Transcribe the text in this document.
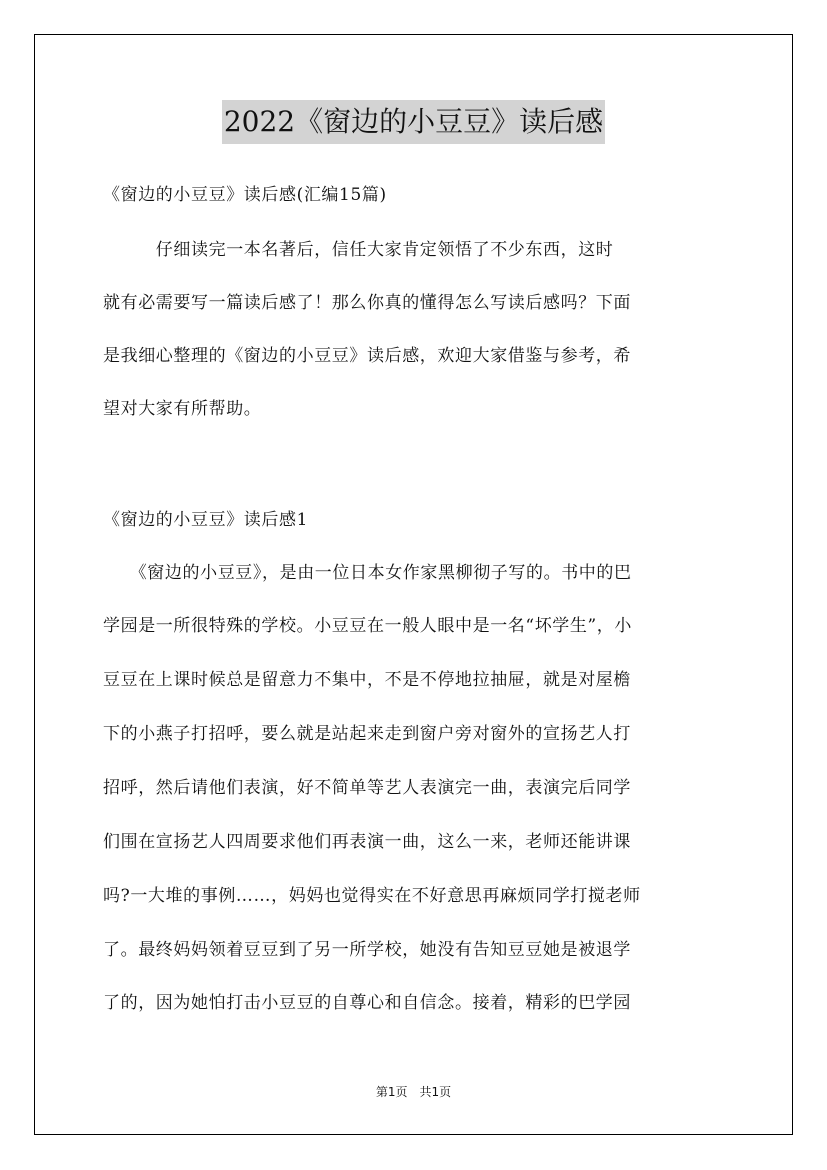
2022《窗边的小豆豆》读后感
《窗边的小豆豆》读后感(汇编15篇)
　　　仔细读完一本名著后，信任大家肯定领悟了不少东西，这时
就有必需要写一篇读后感了！那么你真的懂得怎么写读后感吗？下面
是我细心整理的《窗边的小豆豆》读后感，欢迎大家借鉴与参考，希
望对大家有所帮助。
《窗边的小豆豆》读后感1
　　《窗边的小豆豆》，是由一位日本女作家黑柳彻子写的。书中的巴
学园是一所很特殊的学校。小豆豆在一般人眼中是一名“坏学生”，小
豆豆在上课时候总是留意力不集中，不是不停地拉抽屉，就是对屋檐
下的小燕子打招呼，要么就是站起来走到窗户旁对窗外的宣扬艺人打
招呼，然后请他们表演，好不简单等艺人表演完一曲，表演完后同学
们围在宣扬艺人四周要求他们再表演一曲，这么一来，老师还能讲课
吗?一大堆的事例……，妈妈也觉得实在不好意思再麻烦同学打搅老师
了。最终妈妈领着豆豆到了另一所学校，她没有告知豆豆她是被退学
了的，因为她怕打击小豆豆的自尊心和自信念。接着，精彩的巴学园
第1页　共1页
